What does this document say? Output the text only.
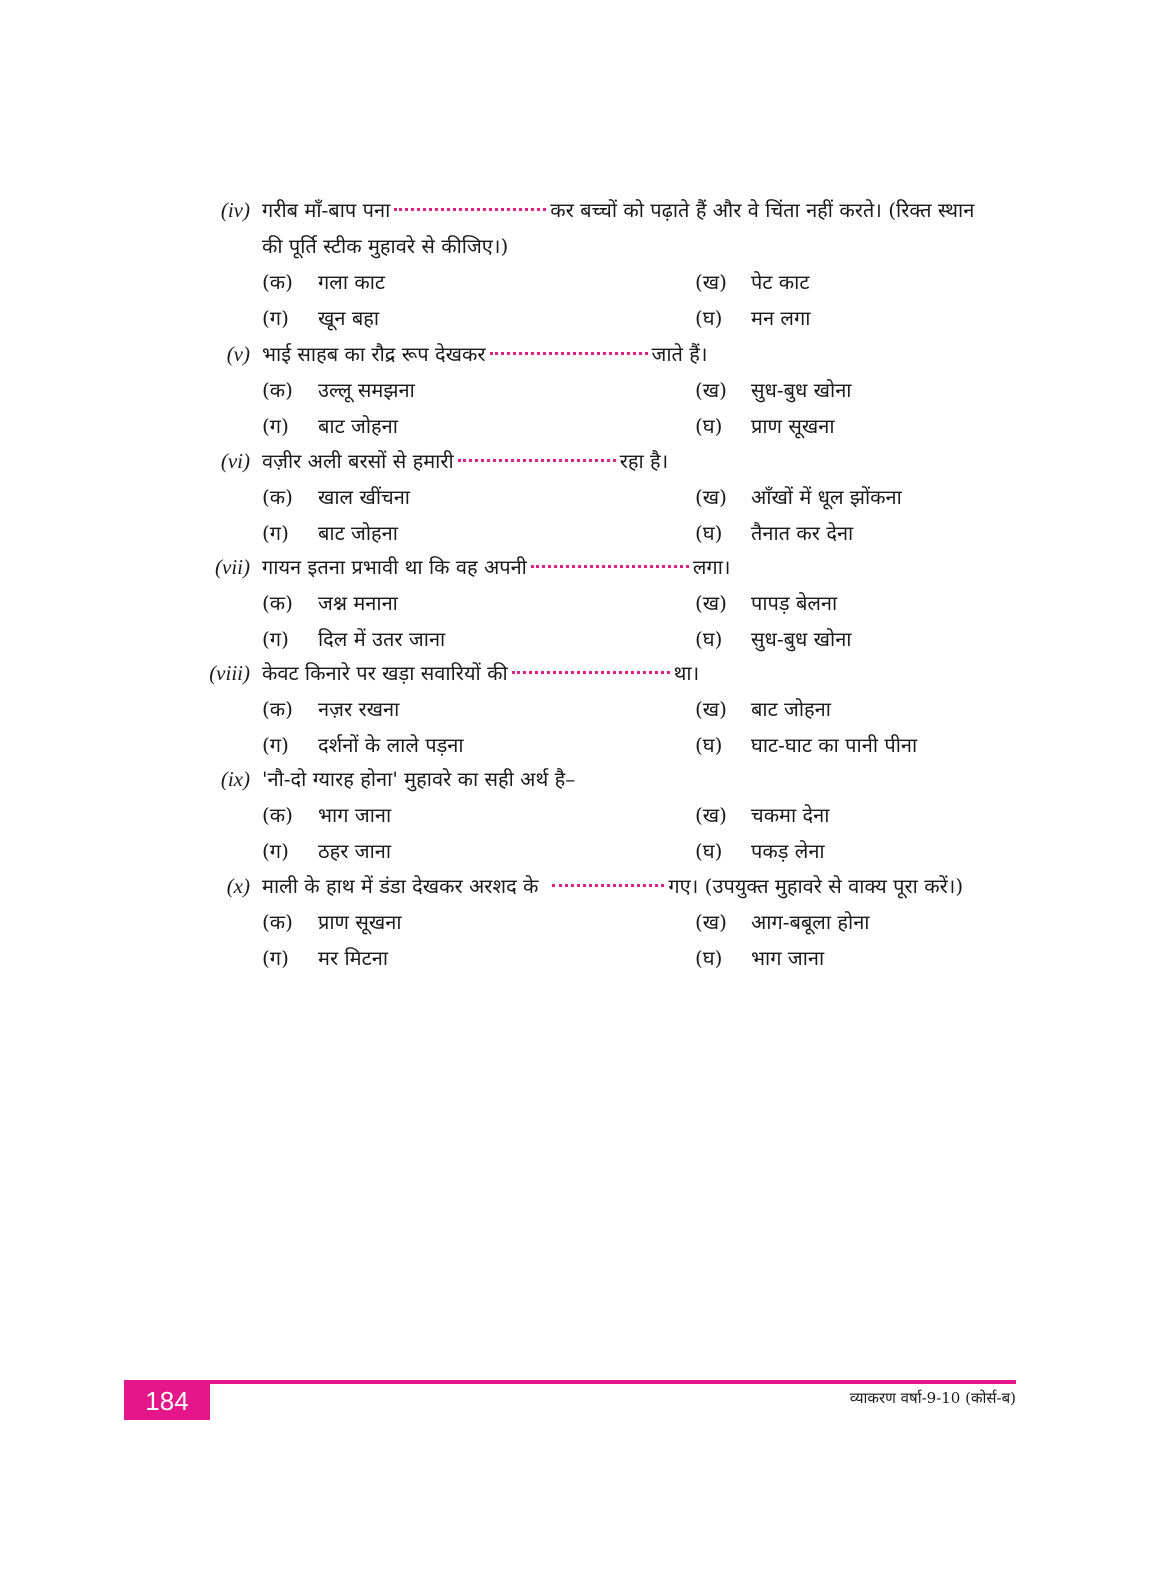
(iv) गरीब माँ-बाप पना	कर बच्चों को पढ़ाते हैं और वे चिंता नहीं करते। (रिक्त स्थान
की पूर्ति स्टीक मुहावरे से कीजिए।)
(क) गला काट	(ख) पेट काट
(ग) खून बहा	(घ) मन लगा
(v) भाई साहब का रौद्र रूप देखकर	जाते हैं।
(क) उल्लू समझना	(ख) सुध-बुध खोना
(ग) बाट जोहना	(घ) प्राण सूखना
(vi) वज़ीर अली बरसों से हमारी	रहा है।
(क) खाल खींचना	(ख) आँखों में धूल झोंकना
(ग) बाट जोहना	(घ) तैनात कर देना
(vii) गायन इतना प्रभावी था कि वह अपनी	लगा।
(क) जश्न मनाना	(ख) पापड़ बेलना
(ग) दिल में उतर जाना	(घ) सुध-बुध खोना
(viii) केवट किनारे पर खड़ा सवारियों की	था।
(क) नज़र रखना	(ख) बाट जोहना
(ग) दर्शनों के लाले पड़ना	(घ) घाट-घाट का पानी पीना
(ix) 'नौ-दो ग्यारह होना' मुहावरे का सही अर्थ है–
(क) भाग जाना	(ख) चकमा देना
(ग) ठहर जाना	(घ) पकड़ लेना
(x) माली के हाथ में डंडा देखकर अरशद के	गए। (उपयुक्त मुहावरे से वाक्य पूरा करें।)
(क) प्राण सूखना	(ख) आग-बबूला होना
(ग) मर मिटना	(घ) भाग जाना
184	व्याकरण वर्षा-9-10 (कोर्स-ब)
